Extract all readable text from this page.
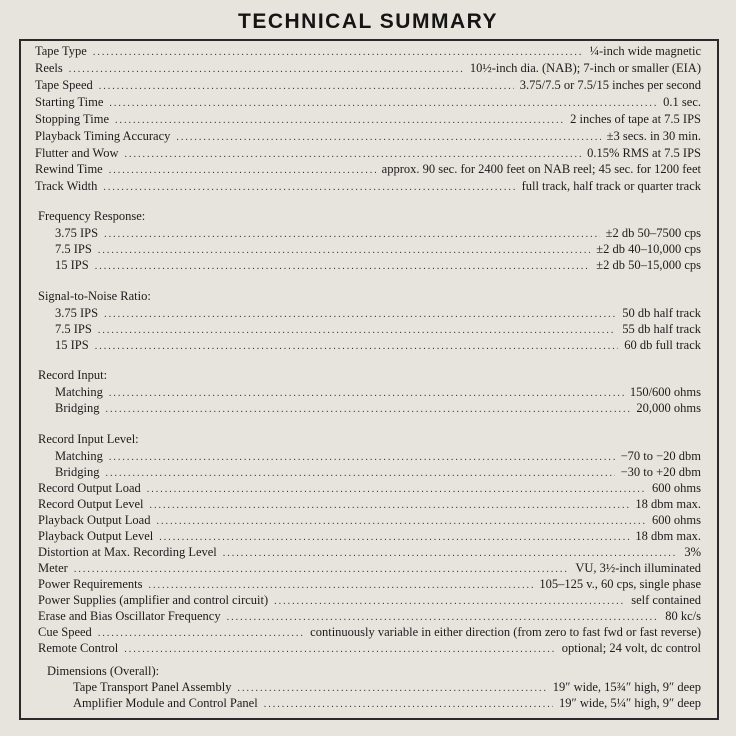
TECHNICAL SUMMARY
Tape Type .....	¼-inch wide magnetic
Reels .....	10½-inch dia. (NAB); 7-inch or smaller (EIA)
Tape Speed .....	3.75/7.5 or 7.5/15 inches per second
Starting Time .....	0.1 sec.
Stopping Time .....	2 inches of tape at 7.5 IPS
Playback Timing Accuracy .....	±3 secs. in 30 min.
Flutter and Wow .....	0.15% RMS at 7.5 IPS
Rewind Time .....	approx. 90 sec. for 2400 feet on NAB reel; 45 sec. for 1200 feet
Track Width .....	full track, half track or quarter track
Frequency Response:
3.75 IPS .....	±2 db 50–7500 cps
7.5 IPS .....	±2 db 40–10,000 cps
15 IPS .....	±2 db 50–15,000 cps
Signal-to-Noise Ratio:
3.75 IPS .....	50 db half track
7.5 IPS .....	55 db half track
15 IPS .....	60 db full track
Record Input:
Matching .....	150/600 ohms
Bridging .....	20,000 ohms
Record Input Level:
Matching .....	−70 to −20 dbm
Bridging .....	−30 to +20 dbm
Record Output Load .....	600 ohms
Record Output Level .....	18 dbm max.
Playback Output Load .....	600 ohms
Playback Output Level .....	18 dbm max.
Distortion at Max. Recording Level .....	3%
Meter .....	VU, 3½-inch illuminated
Power Requirements .....	105–125 v., 60 cps, single phase
Power Supplies (amplifier and control circuit) .....	self contained
Erase and Bias Oscillator Frequency .....	80 kc/s
Cue Speed .....	continuously variable in either direction (from zero to fast fwd or fast reverse)
Remote Control .....	optional; 24 volt, dc control
Dimensions (Overall):
Tape Transport Panel Assembly .....	19″ wide, 15¾″ high, 9″ deep
Amplifier Module and Control Panel .....	19″ wide, 5¼″ high, 9″ deep
